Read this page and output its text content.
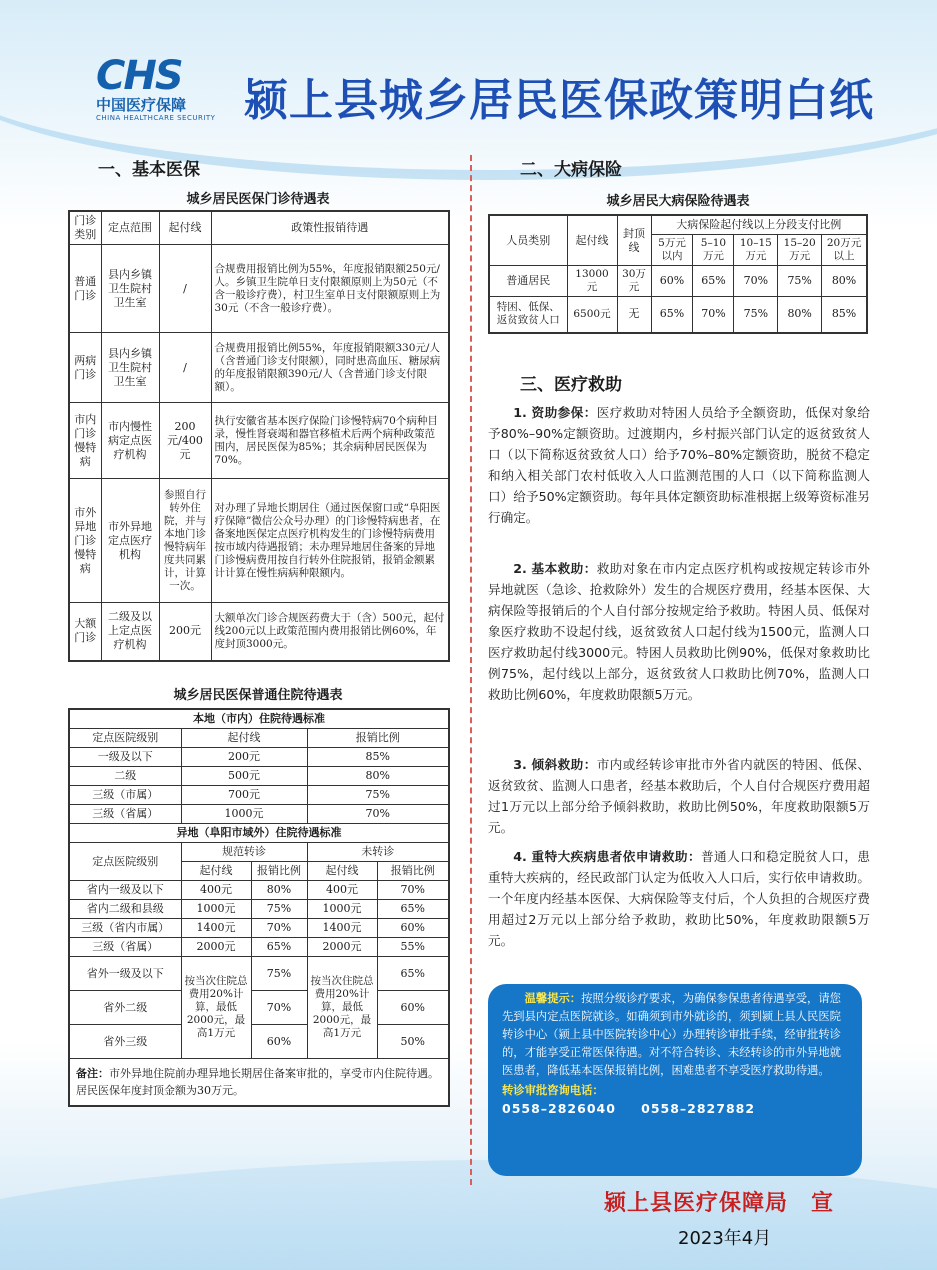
CHS
中国医疗保障
CHINA HEALTHCARE SECURITY 颍上县城乡居民医保政策明白纸
一、基本医保
城乡居民医保门诊待遇表
门诊类别	定点范围	起付线	政策性报销待遇
普通门诊	县内乡镇卫生院村卫生室	/	合规费用报销比例为55%，年度报销限额250元/人。乡镇卫生院单日支付限额原则上为50元（不含一般诊疗费），村卫生室单日支付限额原则上为30元（不含一般诊疗费）。
两病门诊	县内乡镇卫生院村卫生室	/	合规费用报销比例55%，年度报销限额330元/人（含普通门诊支付限额），同时患高血压、糖尿病的年度报销限额390元/人（含普通门诊支付限额）。
市内门诊慢特病	市内慢性病定点医疗机构	200元/400元	执行安徽省基本医疗保险门诊慢特病70个病种目录，慢性肾衰竭和器官移植术后两个病种政策范围内，居民医保为85%；其余病种居民医保为70%。
市外异地门诊慢特病	市外异地定点医疗机构	参照自行转外住院，并与本地门诊慢特病年度共同累计，计算一次。	对办理了异地长期居住（通过医保窗口或“阜阳医疗保障”微信公众号办理）的门诊慢特病患者，在备案地医保定点医疗机构发生的门诊慢特病费用按市域内待遇报销；未办理异地居住备案的异地门诊慢病费用按自行转外住院报销，报销金额累计计算在慢性病病种限额内。
大额门诊	二级及以上定点医疗机构	200元	大额单次门诊合规医药费大于（含）500元，起付线200元以上政策范围内费用报销比例60%，年度封顶3000元。
城乡居民医保普通住院待遇表
本地（市内）住院待遇标准				
定点医院级别	起付线		报销比例	
一级及以下	200元		85%	
二级	500元		80%	
三级（市属）	700元		75%	
三级（省属）	1000元		70%	
异地（阜阳市域外）住院待遇标准				
定点医院级别	规范转诊		未转诊	
	起付线	报销比例	起付线	报销比例
省内一级及以下	400元	80%	400元	70%
省内二级和县级	1000元	75%	1000元	65%
三级（省内市属）	1400元	70%	1400元	60%
三级（省属）	2000元	65%	2000元	55%
省外一级及以下	按当次住院总费用20%计算，最低2000元，最高1万元	75%	按当次住院总费用20%计算，最低2000元，最高1万元	65%
省外二级		70%		60%
省外三级		60%		50%
备注：市外异地住院前办理异地长期居住备案审批的，享受市内住院待遇。居民医保年度封顶金额为30万元。				
二、大病保险
城乡居民大病保险待遇表
人员类别	起付线	封顶线	大病保险起付线以上分段支付比例				
			5万元以内	5–10万元	10–15万元	15–20万元	20万元以上
普通居民	13000元	30万元	60%	65%	70%	75%	80%
特困、低保、返贫致贫人口	6500元	无	65%	70%	75%	80%	85%
三、医疗救助
1. 资助参保：医疗救助对特困人员给予全额资助，低保对象给予80%–90%定额资助。过渡期内，乡村振兴部门认定的返贫致贫人口（以下简称返贫致贫人口）给予70%–80%定额资助，脱贫不稳定和纳入相关部门农村低收入人口监测范围的人口（以下简称监测人口）给予50%定额资助。每年具体定额资助标准根据上级筹资标准另行确定。
2. 基本救助：救助对象在市内定点医疗机构或按规定转诊市外异地就医（急诊、抢救除外）发生的合规医疗费用，经基本医保、大病保险等报销后的个人自付部分按规定给予救助。特困人员、低保对象医疗救助不设起付线，返贫致贫人口起付线为1500元，监测人口医疗救助起付线3000元。特困人员救助比例90%，低保对象救助比例75%，起付线以上部分，返贫致贫人口救助比例70%，监测人口救助比例60%，年度救助限额5万元。
3. 倾斜救助：市内或经转诊审批市外省内就医的特困、低保、返贫致贫、监测人口患者，经基本救助后，个人自付合规医疗费用超过1万元以上部分给予倾斜救助，救助比例50%，年度救助限额5万元。
4. 重特大疾病患者依申请救助：普通人口和稳定脱贫人口，患重特大疾病的，经民政部门认定为低收入人口后，实行依申请救助。一个年度内经基本医保、大病保险等支付后，个人负担的合规医疗费用超过2万元以上部分给予救助，救助比50%，年度救助限额5万元。
温馨提示：按照分级诊疗要求，为确保参保患者待遇享受，请您先到县内定点医院就诊。如确须到市外就诊的，须到颍上县人民医院转诊中心（颍上县中医院转诊中心）办理转诊审批手续，经审批转诊的，才能享受正常医保待遇。对不符合转诊、未经转诊的市外异地就医患者，降低基本医保报销比例，困难患者不享受医疗救助待遇。
转诊审批咨询电话：
0558–2826040 0558–2827882
颍上县医疗保障局　宣
2023年4月
